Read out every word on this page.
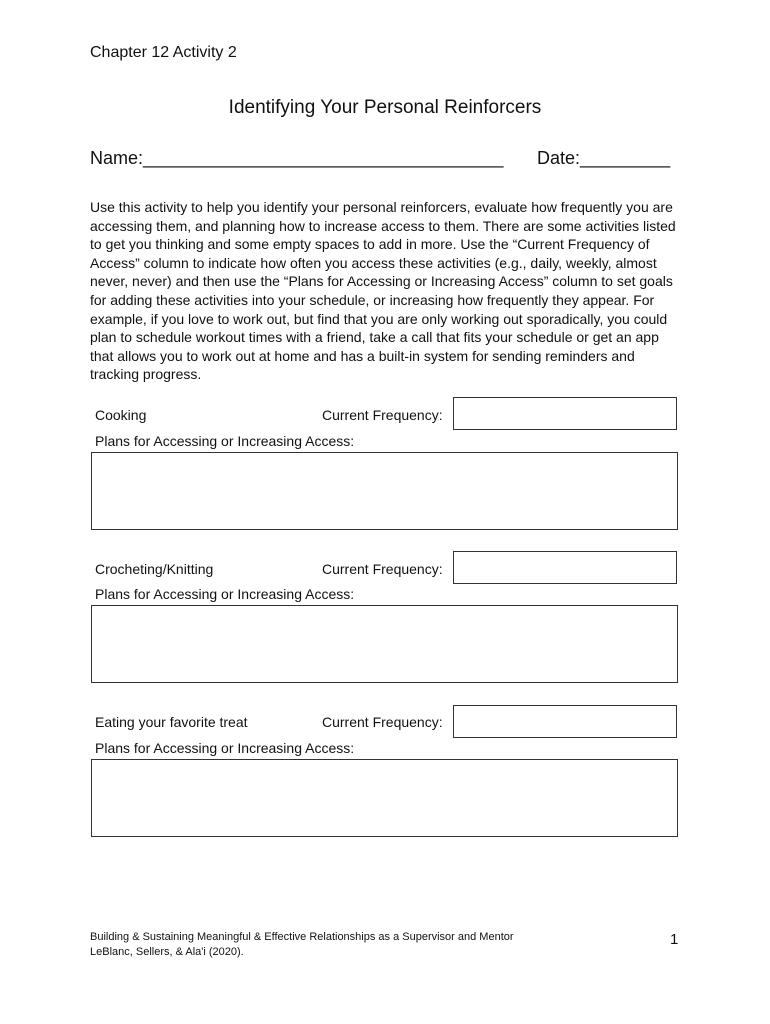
Chapter 12 Activity 2
Identifying Your Personal Reinforcers
Name:____________________________________ Date:_________
Use this activity to help you identify your personal reinforcers, evaluate how frequently you are accessing them, and planning how to increase access to them. There are some activities listed to get you thinking and some empty spaces to add in more. Use the “Current Frequency of Access” column to indicate how often you access these activities (e.g., daily, weekly, almost never, never) and then use the “Plans for Accessing or Increasing Access” column to set goals for adding these activities into your schedule, or increasing how frequently they appear. For example, if you love to work out, but find that you are only working out sporadically, you could plan to schedule workout times with a friend, take a call that fits your schedule or get an app that allows you to work out at home and has a built-in system for sending reminders and tracking progress.
Cooking	Current Frequency:
Plans for Accessing or Increasing Access:
Crocheting/Knitting	Current Frequency:
Plans for Accessing or Increasing Access:
Eating your favorite treat	Current Frequency:
Plans for Accessing or Increasing Access:
Building & Sustaining Meaningful & Effective Relationships as a Supervisor and Mentor
LeBlanc, Sellers, & Ala'i (2020).
1
